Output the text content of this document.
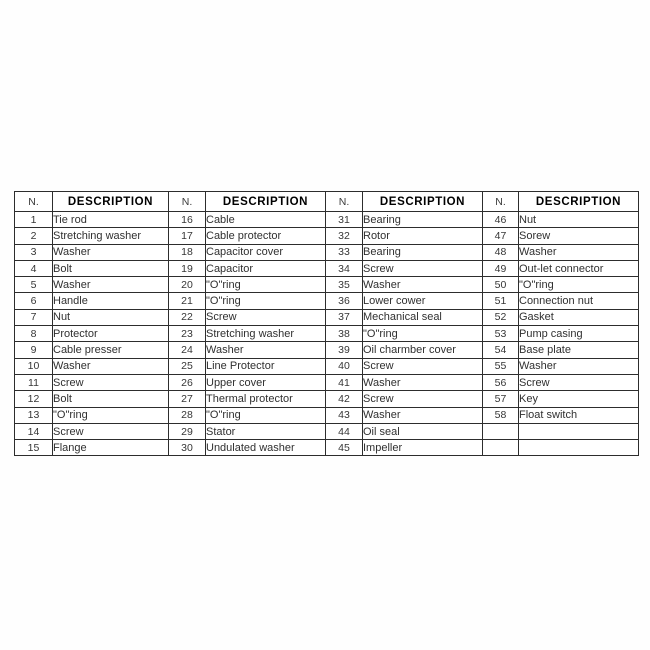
N.	DESCRIPTION	N.	DESCRIPTION	N.	DESCRIPTION	N.	DESCRIPTION
1	Tie rod	16	Cable	31	Bearing	46	Nut
2	Stretching washer	17	Cable protector	32	Rotor	47	Sorew
3	Washer	18	Capacitor cover	33	Bearing	48	Washer
4	Bolt	19	Capacitor	34	Screw	49	Out-let connector
5	Washer	20	"O"ring	35	Washer	50	"O"ring
6	Handle	21	"O"ring	36	Lower cower	51	Connection nut
7	Nut	22	Screw	37	Mechanical seal	52	Gasket
8	Protector	23	Stretching washer	38	"O"ring	53	Pump casing
9	Cable presser	24	Washer	39	Oil charmber cover	54	Base plate
10	Washer	25	Line Protector	40	Screw	55	Washer
11	Screw	26	Upper cover	41	Washer	56	Screw
12	Bolt	27	Thermal protector	42	Screw	57	Key
13	"O"ring	28	"O"ring	43	Washer	58	Float switch
14	Screw	29	Stator	44	Oil seal		
15	Flange	30	Undulated washer	45	Impeller		
